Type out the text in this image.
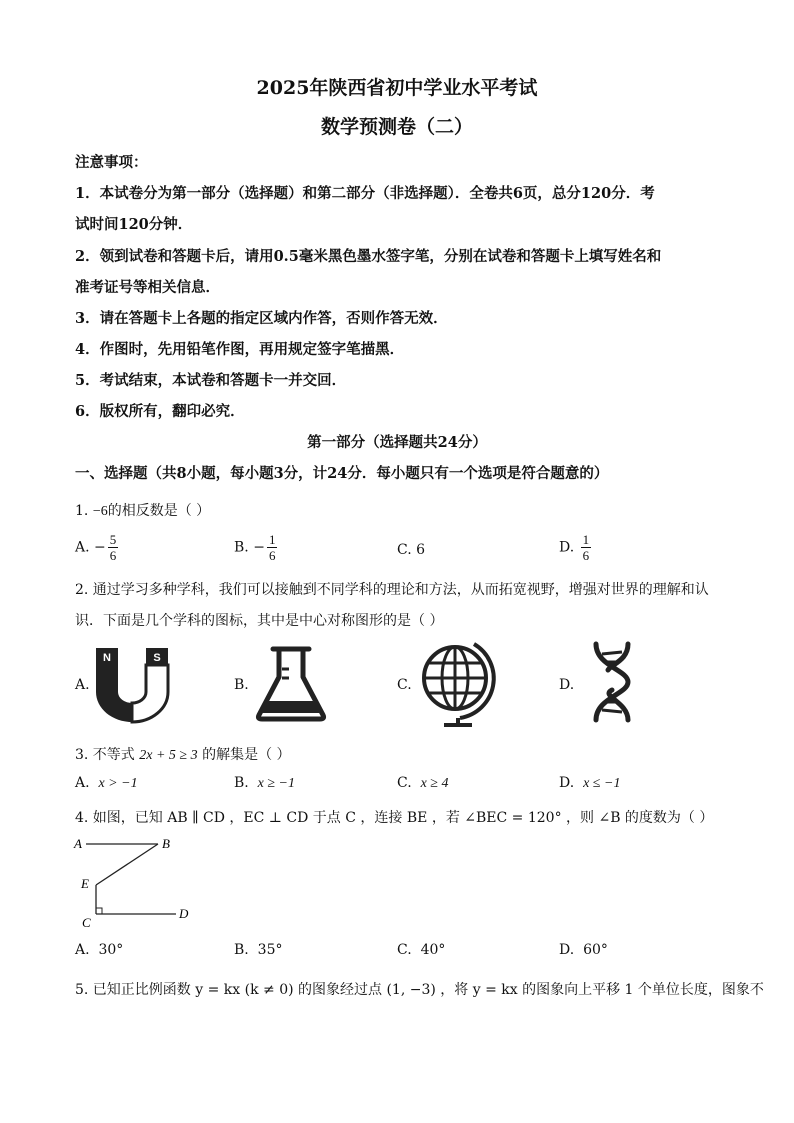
2025年陕西省初中学业水平考试
数学预测卷（二）
注意事项：
1．本试卷分为第一部分（选择题）和第二部分（非选择题）．全卷共6页，总分120分．考
试时间120分钟．
2．领到试卷和答题卡后，请用0.5毫米黑色墨水签字笔，分别在试卷和答题卡上填写姓名和
准考证号等相关信息．
3．请在答题卡上各题的指定区域内作答，否则作答无效．
4．作图时，先用铅笔作图，再用规定签字笔描黑．
5．考试结束，本试卷和答题卡一并交回．
6．版权所有，翻印必究．
第一部分（选择题共24分）
一、选择题（共8小题，每小题3分，计24分．每小题只有一个选项是符合题意的）
1. −6的相反数是（ ）
A. − $\frac{5}{6}$	B. − $\frac{1}{6}$	C. 6	D. $\frac{1}{6}$
2. 通过学习多种学科，我们可以接触到不同学科的理论和方法，从而拓宽视野，增强对世界的理解和认
识．下面是几个学科的图标，其中是中心对称图形的是（ ）
A.
N	S
B.	C.	D.
3. 不等式 2x + 5 ≥ 3 的解集是（ ）
A. x > −1	B. x ≥ −1	C. x ≥ 4	D. x ≤ −1
4. 如图，已知 AB ∥ CD ，EC ⊥ CD 于点 C ，连接 BE ，若 ∠BEC = 120° ，则 ∠B 的度数为（ ）
A	B
E
C
D
A. 30°	B. 35°	C. 40°	D. 60°
5. 已知正比例函数 y = kx (k ≠ 0) 的图象经过点 (1, −3) ，将 y = kx 的图象向上平移 1 个单位长度，图象不
